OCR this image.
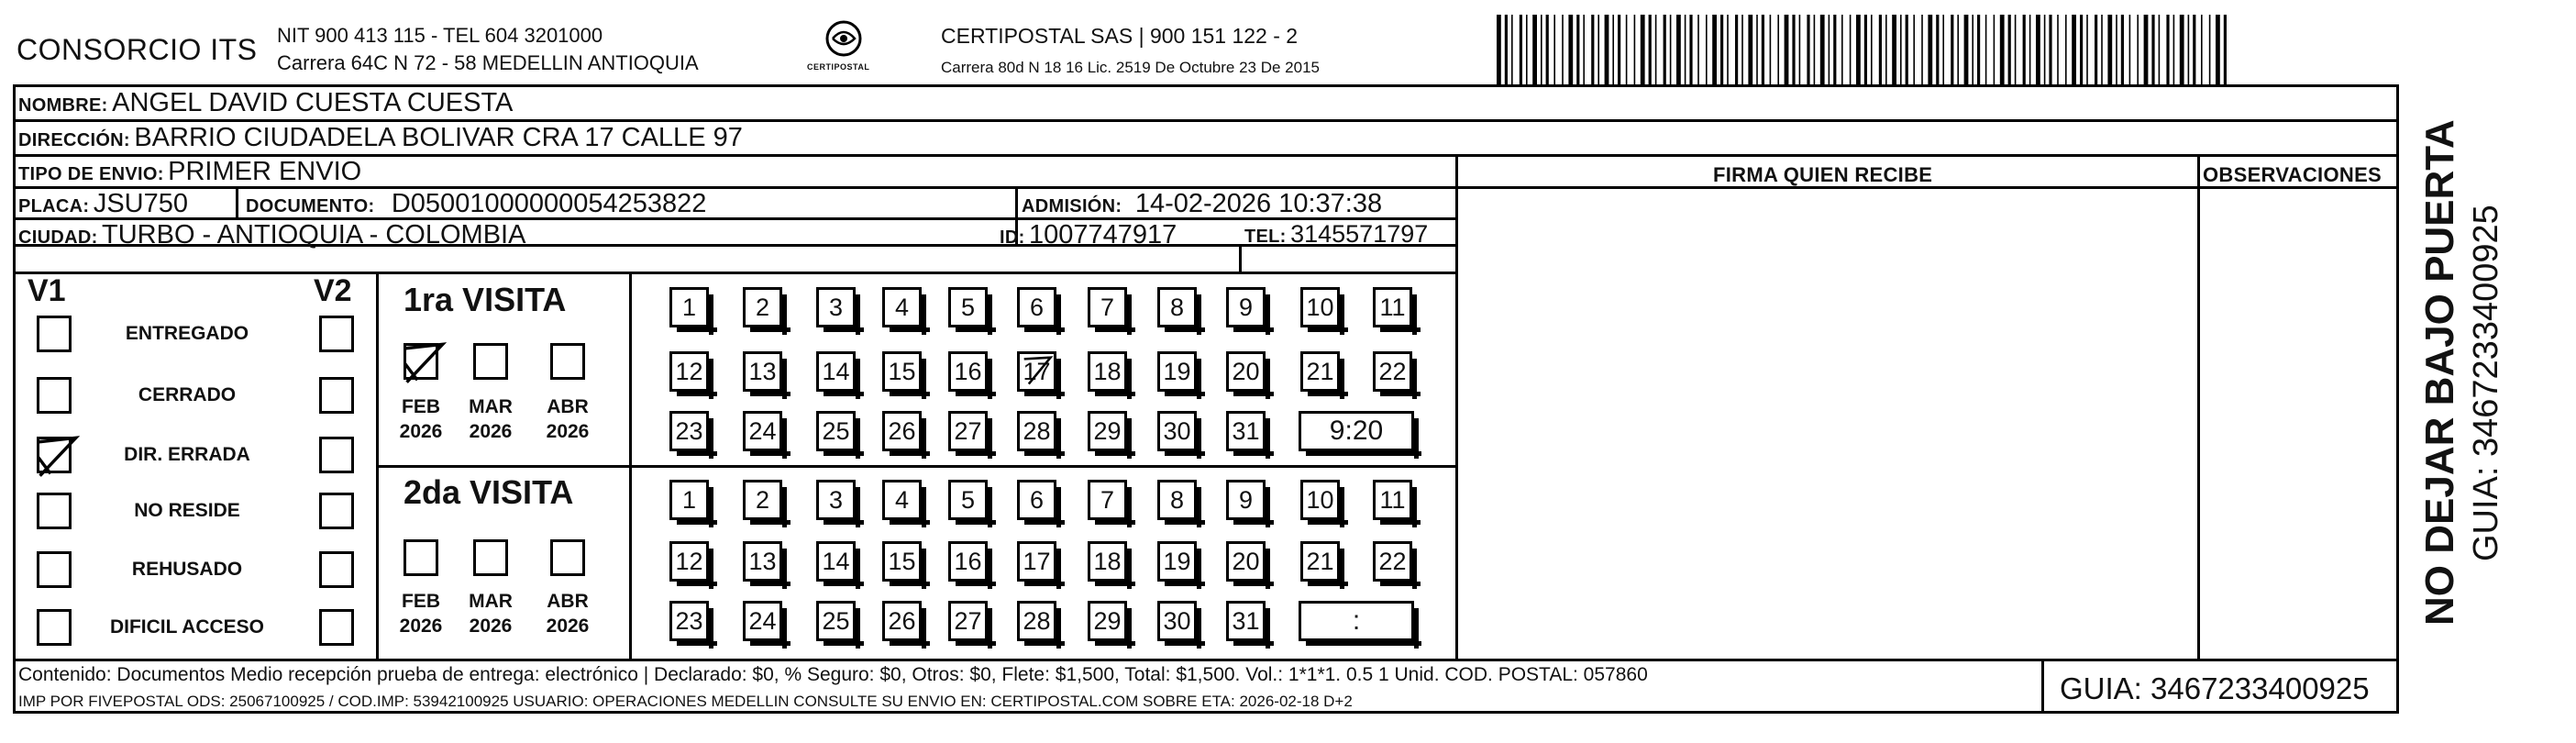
CONSORCIO ITS NIT 900 413 115 - TEL 604 3201000
Carrera 64C N 72 - 58 MEDELLIN ANTIOQUIA	CERTIPOSTAL
CERTIPOSTAL SAS | 900 151 122 - 2
Carrera 80d N 18 16 Lic. 2519 De Octubre 23 De 2015
NOMBRE: ANGEL DAVID CUESTA CUESTA
DIRECCIÓN: BARRIO CIUDADELA BOLIVAR CRA 17 CALLE 97
TIPO DE ENVIO: PRIMER ENVIO
PLACA: JSU750	DOCUMENTO: D05001000000054253822	ADMISIÓN: 14-02-2026 10:37:38
CIUDAD: TURBO - ANTIOQUIA - COLOMBIA	ID: 1007747917	TEL: 3145571797
FIRMA QUIEN RECIBE	OBSERVACIONES
V1	V2 1ra VISITA
2da VISITA
Contenido: Documentos Medio recepción prueba de entrega: electrónico | Declarado: $0, % Seguro: $0, Otros: $0, Flete: $1,500, Total: $1,500. Vol.: 1*1*1. 0.5 1 Unid. COD. POSTAL: 057860
IMP POR FIVEPOSTAL ODS: 25067100925 / COD.IMP: 53942100925 USUARIO: OPERACIONES MEDELLIN CONSULTE SU ENVIO EN: CERTIPOSTAL.COM SOBRE ETA: 2026-02-18 D+2	GUIA: 3467233400925
NO DEJAR BAJO PUERTA GUIA: 3467233400925
ENTREGADO
CERRADO
DIR. ERRADA
NO RESIDE
REHUSADO
DIFICIL ACCESO
FEB
2026
MAR
2026
ABR
2026
FEB
2026
MAR
2026
ABR
2026
1	2	3	4	5	6	7	8	9	10 11
12 13 14 15 16 17 18 19 20 21 22
23 24 25 26 27 28 29 30 31	9:20
1	2	3	4	5	6	7	8	9	10 11
12 13 14 15 16 17 18 19 20 21 22
23 24 25 26 27 28 29 30 31	:
